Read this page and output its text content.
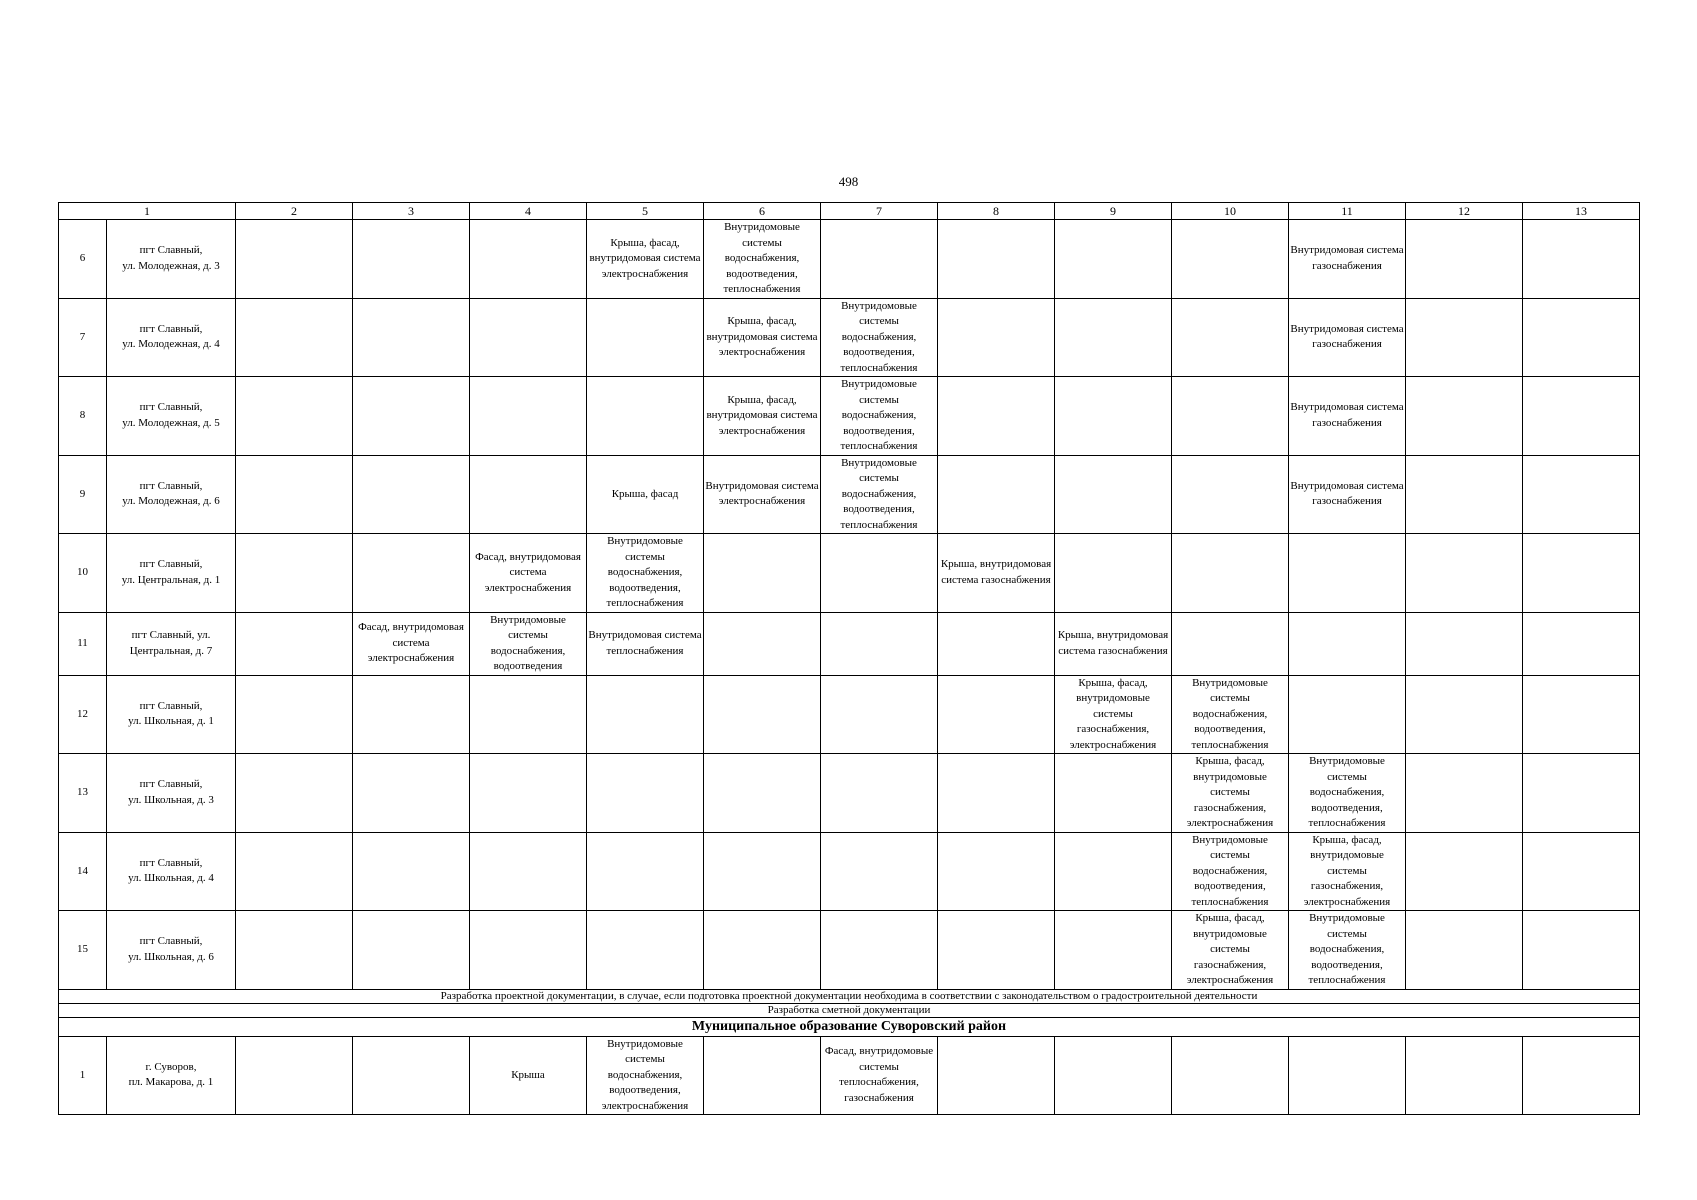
498
1		2	3	4	5	6	7	8	9	10	11	12	13
6	пгт Славный,
ул. Молодежная, д. 3				Крыша, фасад, внутридомовая система электроснабжения	Внутридомовые системы водоснабжения, водоотведения, теплоснабжения					Внутридомовая система газоснабжения		
7	пгт Славный,
ул. Молодежная, д. 4					Крыша, фасад, внутридомовая система электроснабжения	Внутридомовые системы водоснабжения, водоотведения, теплоснабжения				Внутридомовая система газоснабжения		
8	пгт Славный,
ул. Молодежная, д. 5					Крыша, фасад, внутридомовая система электроснабжения	Внутридомовые системы водоснабжения, водоотведения, теплоснабжения				Внутридомовая система газоснабжения		
9	пгт Славный,
ул. Молодежная, д. 6				Крыша, фасад	Внутридомовая система электроснабжения	Внутридомовые системы водоснабжения, водоотведения, теплоснабжения				Внутридомовая система газоснабжения		
10	пгт Славный,
ул. Центральная, д. 1			Фасад, внутридомовая система электроснабжения	Внутридомовые системы водоснабжения, водоотведения, теплоснабжения			Крыша, внутридомовая система газоснабжения					
11	пгт Славный, ул.
Центральная, д. 7		Фасад, внутридомовая система электроснабжения	Внутридомовые системы водоснабжения, водоотведения	Внутридомовая система теплоснабжения				Крыша, внутридомовая система газоснабжения				
12	пгт Славный,
ул. Школьная, д. 1								Крыша, фасад, внутридомовые системы газоснабжения, электроснабжения	Внутридомовые системы водоснабжения, водоотведения, теплоснабжения			
13	пгт Славный,
ул. Школьная, д. 3									Крыша, фасад, внутридомовые системы газоснабжения, электроснабжения	Внутридомовые системы водоснабжения, водоотведения, теплоснабжения		
14	пгт Славный,
ул. Школьная, д. 4									Внутридомовые системы водоснабжения, водоотведения, теплоснабжения	Крыша, фасад, внутридомовые системы газоснабжения, электроснабжения		
15	пгт Славный,
ул. Школьная, д. 6									Крыша, фасад, внутридомовые системы газоснабжения, электроснабжения	Внутридомовые системы водоснабжения, водоотведения, теплоснабжения		
Разработка проектной документации, в случае, если подготовка проектной документации необходима в соответствии с законодательством о градостроительной деятельности													
Разработка сметной документации													
Муниципальное образование Суворовский район													
1	г. Суворов,
пл. Макарова, д. 1			Крыша	Внутридомовые системы водоснабжения, водоотведения, электроснабжения		Фасад, внутридомовые системы теплоснабжения, газоснабжения						
